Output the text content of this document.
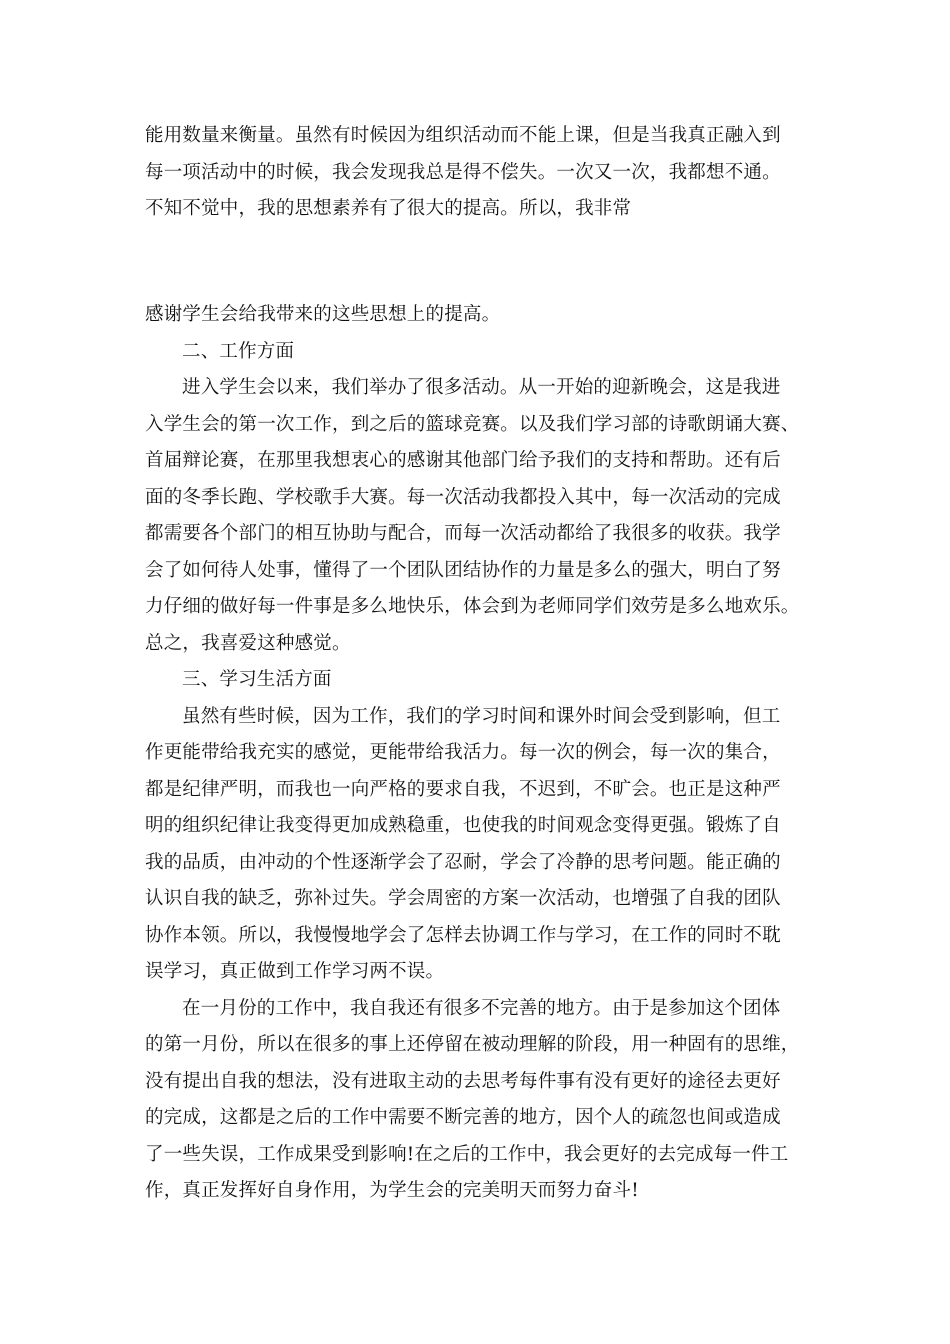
能用数量来衡量。虽然有时候因为组织活动而不能上课，但是当我真正融入到
每一项活动中的时候，我会发现我总是得不偿失。一次又一次，我都想不通。
不知不觉中，我的思想素养有了很大的提高。所以，我非常
感谢学生会给我带来的这些思想上的提高。
二、工作方面
进入学生会以来，我们举办了很多活动。从一开始的迎新晚会，这是我进
入学生会的第一次工作，到之后的篮球竞赛。以及我们学习部的诗歌朗诵大赛、
首届辩论赛，在那里我想衷心的感谢其他部门给予我们的支持和帮助。还有后
面的冬季长跑、学校歌手大赛。每一次活动我都投入其中，每一次活动的完成
都需要各个部门的相互协助与配合，而每一次活动都给了我很多的收获。我学
会了如何待人处事，懂得了一个团队团结协作的力量是多么的强大，明白了努
力仔细的做好每一件事是多么地快乐，体会到为老师同学们效劳是多么地欢乐。
总之，我喜爱这种感觉。
三、学习生活方面
虽然有些时候，因为工作，我们的学习时间和课外时间会受到影响，但工
作更能带给我充实的感觉，更能带给我活力。每一次的例会，每一次的集合，
都是纪律严明，而我也一向严格的要求自我，不迟到，不旷会。也正是这种严
明的组织纪律让我变得更加成熟稳重，也使我的时间观念变得更强。锻炼了自
我的品质，由冲动的个性逐渐学会了忍耐，学会了冷静的思考问题。能正确的
认识自我的缺乏，弥补过失。学会周密的方案一次活动，也增强了自我的团队
协作本领。所以，我慢慢地学会了怎样去协调工作与学习，在工作的同时不耽
误学习，真正做到工作学习两不误。
在一月份的工作中，我自我还有很多不完善的地方。由于是参加这个团体
的第一月份，所以在很多的事上还停留在被动理解的阶段，用一种固有的思维，
没有提出自我的想法，没有进取主动的去思考每件事有没有更好的途径去更好
的完成，这都是之后的工作中需要不断完善的地方，因个人的疏忽也间或造成
了一些失误，工作成果受到影响!在之后的工作中，我会更好的去完成每一件工
作，真正发挥好自身作用，为学生会的完美明天而努力奋斗!
